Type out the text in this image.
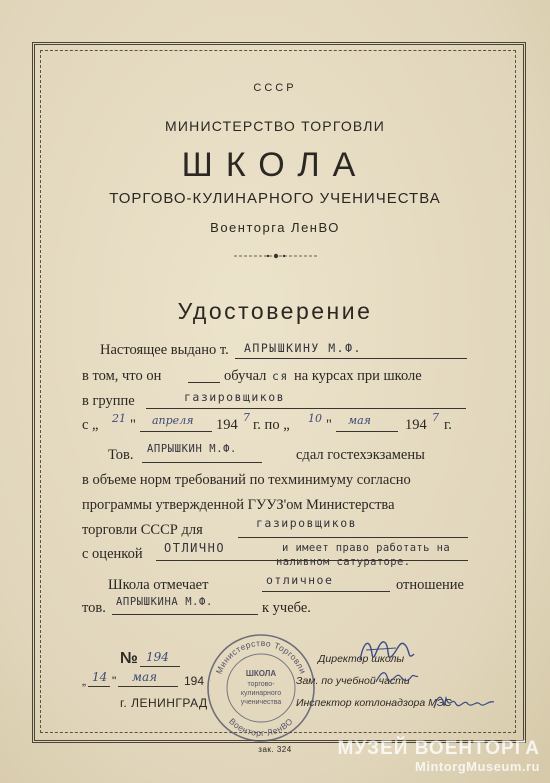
СССР
МИНИСТЕРСТВО ТОРГОВЛИ
ШКОЛА
ТОРГОВО-КУЛИНАРНОГО УЧЕНИЧЕСТВА
Военторга ЛенВО
Удостоверение
Настоящее выдано т. АПРЫШКИНУ М.Ф.
в том, что он	обучал ся на курсах при школе
в группе	газировщиков
с „ 21 " апреля 194 7 г. по „ 10 " мая 194 7 г.
Тов. АПРЫШКИН М.Ф.	сдал гостехэкзамены
в объеме норм требований по техминимуму согласно
программы утвержденной ГУУЗ'ом Министерства
торговли СССР для	газировщиков
с оценкой ОТЛИЧНО	и имеет право работать на
наливном сатураторе.
Школа отмечает	отличное	отношение
тов. АПРЫШКИНА М.Ф.	к учебе.
№ 194
„ 14 " мая 194
г. ЛЕНИНГРАД
Директор школы
Зам. по учебной части
Инспектор котлонадзора МЭС
Министерство Торговли
Военторг ЛенВО
ШКОЛА
торгово-
кулинарного
ученичества
зак. 324	МУЗЕЙ ВОЕНТОРГА
MintorgMuseum.ru
